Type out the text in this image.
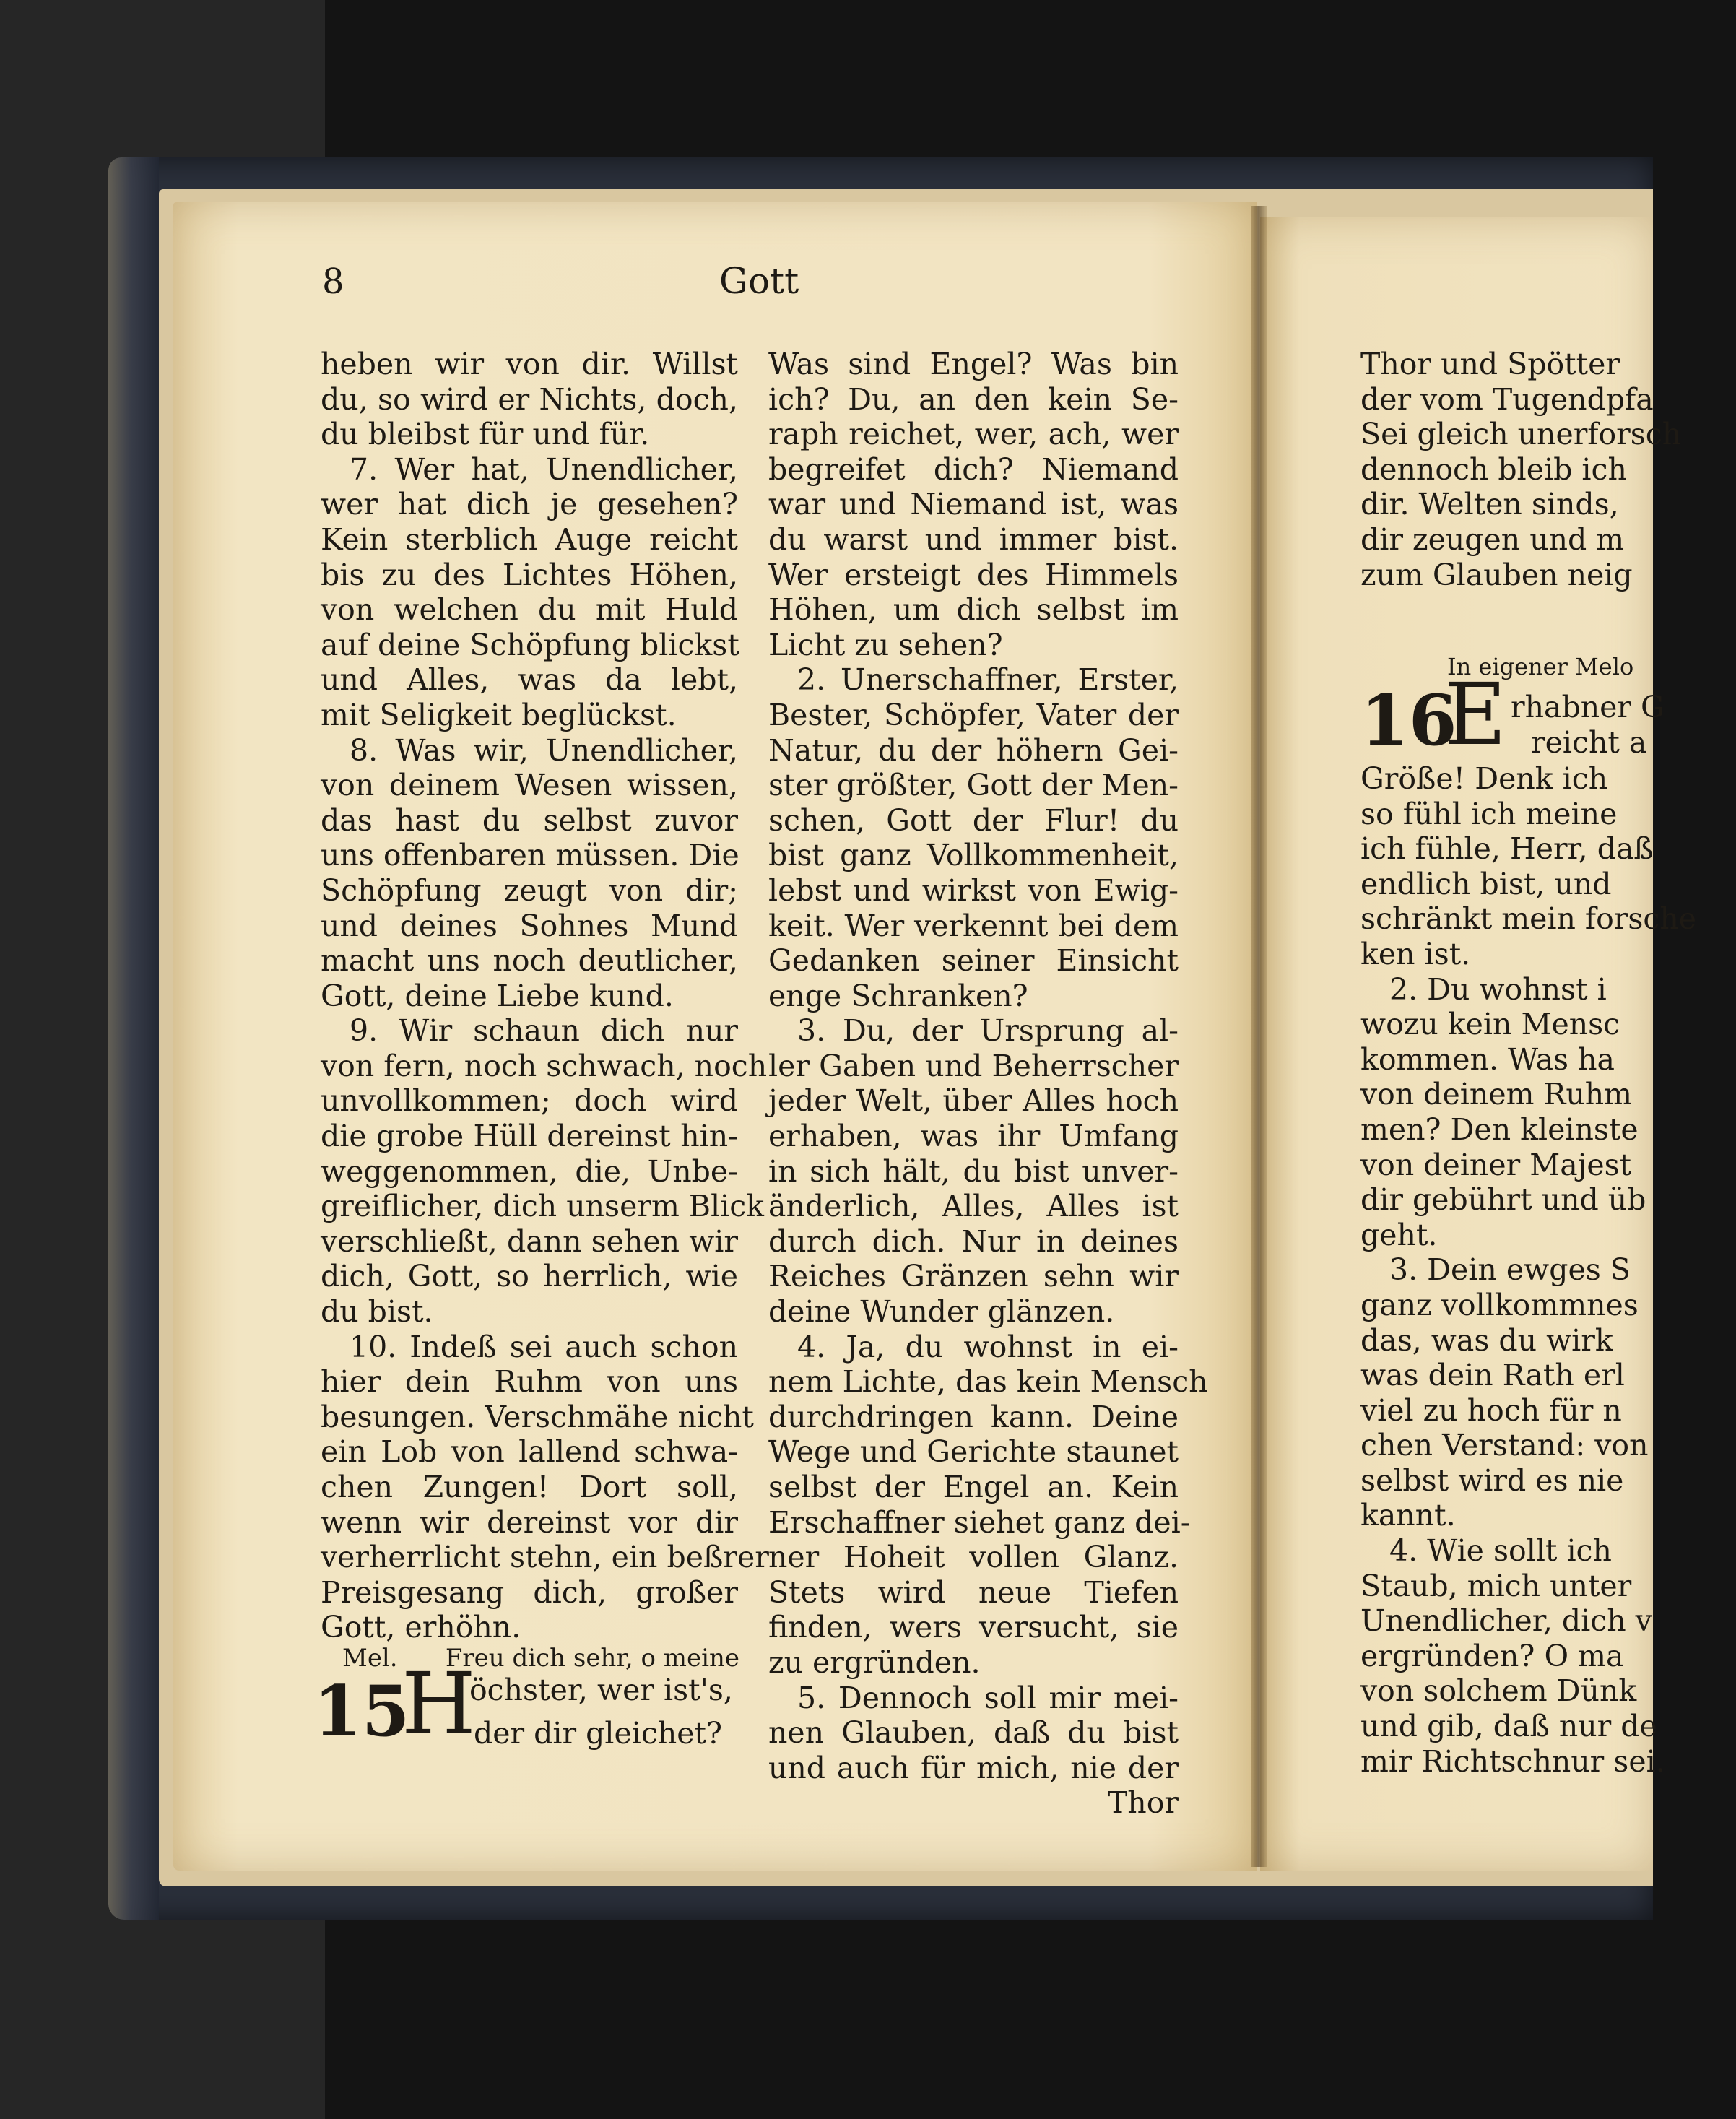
8	Gott

heben wir von dir. Willst

du, so wird er Nichts, doch,

du bleibst für und für.

7. Wer hat, Unendlicher,

wer hat dich je gesehen?

Kein sterblich Auge reicht

bis zu des Lichtes Höhen,

von welchen du mit Huld

auf deine Schöpfung blickst

und Alles, was da lebt,

mit Seligkeit beglückst.

8. Was wir, Unendlicher,

von deinem Wesen wissen,

das hast du selbst zuvor

uns offenbaren müssen. Die

Schöpfung zeugt von dir;

und deines Sohnes Mund

macht uns noch deutlicher,

Gott, deine Liebe kund.

9. Wir schaun dich nur

von fern, noch schwach, noch

unvollkommen; doch wird

die grobe Hüll dereinst hin-

weggenommen, die, Unbe-

greiflicher, dich unserm Blick

verschließt, dann sehen wir

dich, Gott, so herrlich, wie

du bist.

10. Indeß sei auch schon

hier dein Ruhm von uns

besungen. Verschmähe nicht

ein Lob von lallend schwa-

chen Zungen! Dort soll,

wenn wir dereinst vor dir

verherrlicht stehn, ein beßrer

Preisgesang dich, großer

Gott, erhöhn.

Mel. Freu dich sehr, o meine
15
H
öchster, wer ist's,
der dir gleichet?

Was sind Engel? Was bin

ich? Du, an den kein Se-

raph reichet, wer, ach, wer

begreifet dich? Niemand

war und Niemand ist, was

du warst und immer bist.

Wer ersteigt des Himmels

Höhen, um dich selbst im

Licht zu sehen?

2. Unerschaffner, Erster,

Bester, Schöpfer, Vater der

Natur, du der höhern Gei-

ster größter, Gott der Men-

schen, Gott der Flur! du

bist ganz Vollkommenheit,

lebst und wirkst von Ewig-

keit. Wer verkennt bei dem

Gedanken seiner Einsicht

enge Schranken?

3. Du, der Ursprung al-

ler Gaben und Beherrscher

jeder Welt, über Alles hoch

erhaben, was ihr Umfang

in sich hält, du bist unver-

änderlich, Alles, Alles ist

durch dich. Nur in deines

Reiches Gränzen sehn wir

deine Wunder glänzen.

4. Ja, du wohnst in ei-

nem Lichte, das kein Mensch

durchdringen kann. Deine

Wege und Gerichte staunet

selbst der Engel an. Kein

Erschaffner siehet ganz dei-

ner Hoheit vollen Glanz.

Stets wird neue Tiefen

finden, wers versucht, sie

zu ergründen.

5. Dennoch soll mir mei-

nen Glauben, daß du bist

und auch für mich, nie der

Thor

Thor und Spötter

der vom Tugendpfa

Sei gleich unerforsch

dennoch bleib ich

dir. Welten sinds,

dir zeugen und m

zum Glauben neig

Größe! Denk ich

so fühl ich meine

ich fühle, Herr, daß

endlich bist, und

schränkt mein forsche

ken ist.

2. Du wohnst i

wozu kein Mensc

kommen. Was ha

von deinem Ruhm

men? Den kleinste

von deiner Majest

dir gebührt und üb

geht.

3. Dein ewges S

ganz vollkommnes

das, was du wirk

was dein Rath erl

viel zu hoch für n

chen Verstand: von

selbst wird es nie

kannt.

4. Wie sollt ich

Staub, mich unter

Unendlicher, dich v

ergründen? O ma

von solchem Dünk

und gib, daß nur de

mir Richtschnur sei.

In eigener Melo
16
E rhabner G
reicht a
